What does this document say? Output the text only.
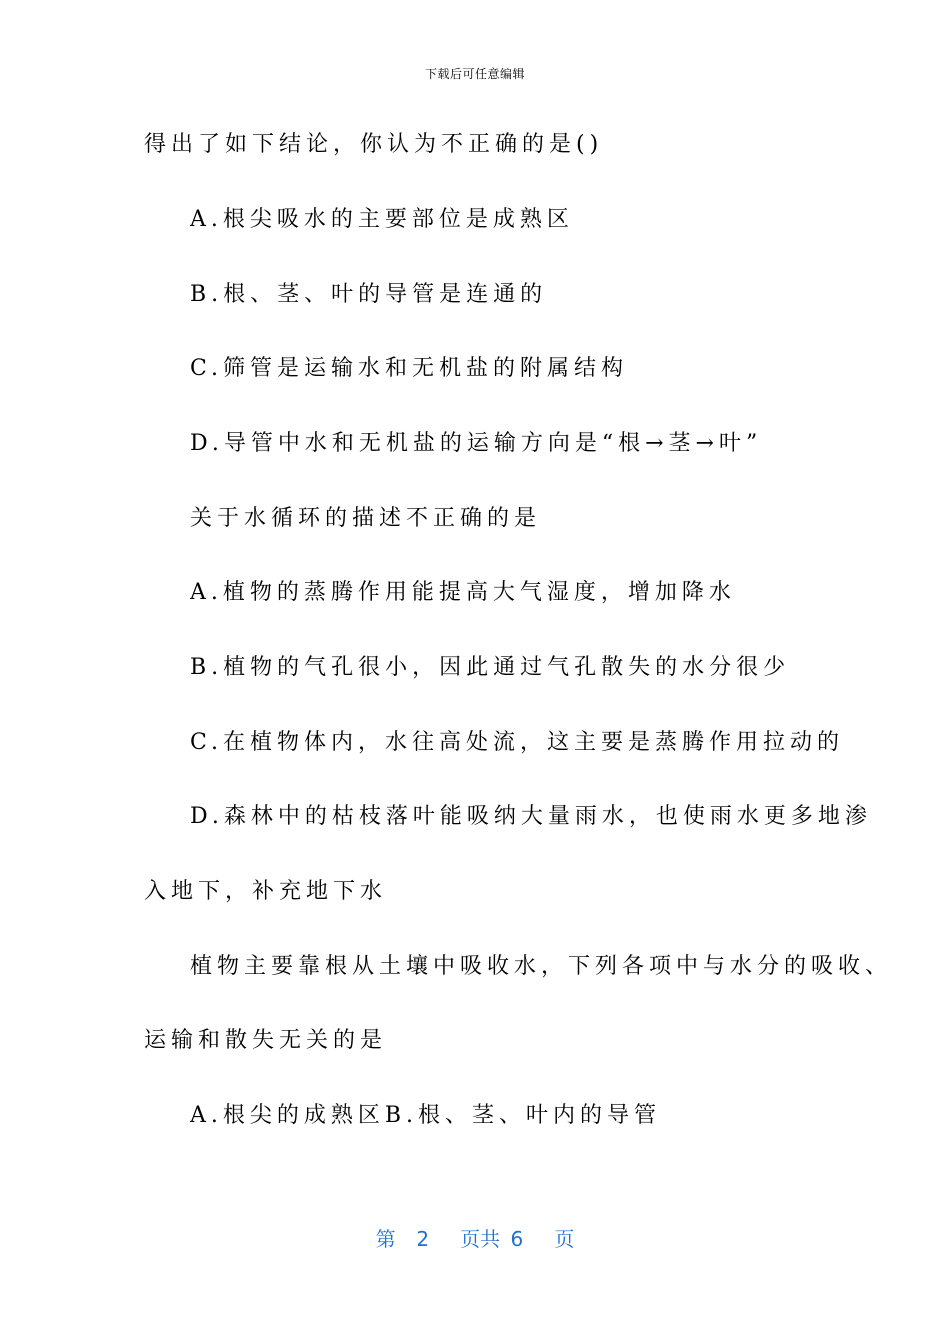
下载后可任意编辑
得出了如下结论，你认为不正确的是()
A.根尖吸水的主要部位是成熟区
B.根、茎、叶的导管是连通的
C.筛管是运输水和无机盐的附属结构
D.导管中水和无机盐的运输方向是“根→茎→叶”
关于水循环的描述不正确的是
A.植物的蒸腾作用能提高大气湿度，增加降水
B.植物的气孔很小，因此通过气孔散失的水分很少
C.在植物体内，水往高处流，这主要是蒸腾作用拉动的
D.森林中的枯枝落叶能吸纳大量雨水，也使雨水更多地渗
入地下，补充地下水
植物主要靠根从土壤中吸收水，下列各项中与水分的吸收、
运输和散失无关的是
A.根尖的成熟区B.根、茎、叶内的导管
第  2   页共 6   页
